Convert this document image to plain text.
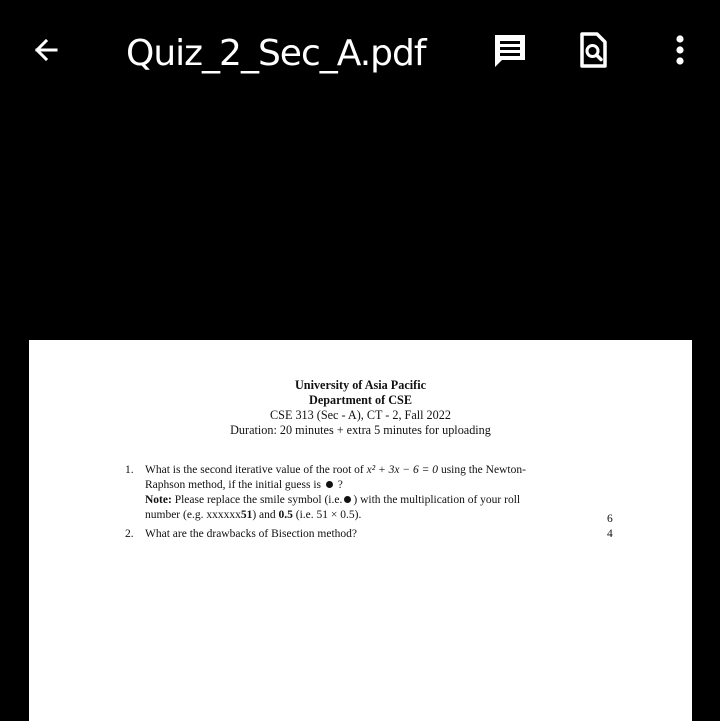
Quiz_2_Sec_A.pdf
University of Asia Pacific
Department of CSE
CSE 313 (Sec - A), CT - 2, Fall 2022
Duration: 20 minutes + extra 5 minutes for uploading
1. What is the second iterative value of the root of x² + 3x − 6 = 0 using the Newton-
Raphson method, if the initial guess is  ?
Note: Please replace the smile symbol (i.e. ) with the multiplication of your roll
number (e.g. xxxxxx51) and 0.5 (i.e. 51 × 0.5).	6
2. What are the drawbacks of Bisection method?	4
